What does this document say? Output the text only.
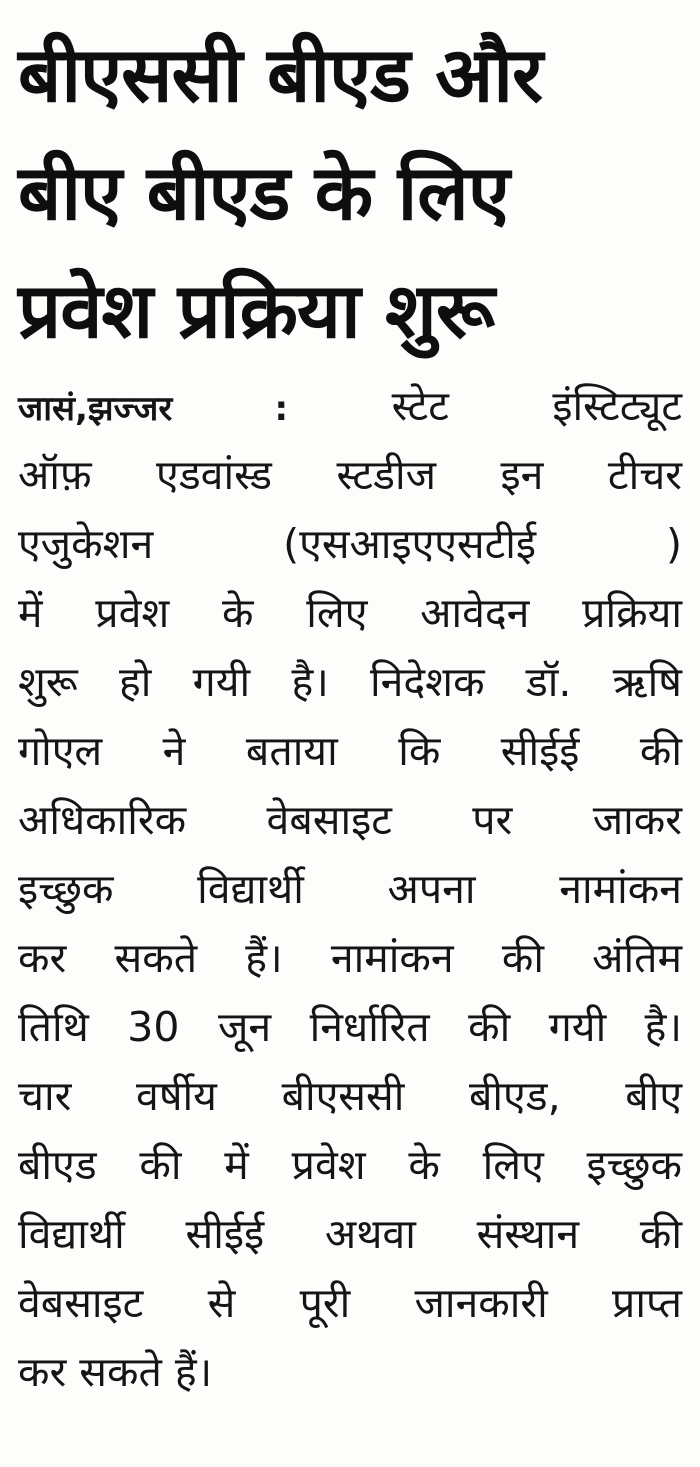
बीएससी बीएड और
बीए बीएड के लिए
प्रवेश प्रक्रिया शुरू
जासं,झज्जर :	स्टेट इंस्टिट्यूट
ऑफ़ एडवांस्ड स्टडीज इन टीचर
एजुकेशन (एसआइएएसटीई )
में प्रवेश के लिए आवेदन प्रक्रिया
शुरू हो गयी है। निदेशक डॉ. ऋषि
गोएल ने बताया कि सीईई की
अधिकारिक वेबसाइट पर जाकर
इच्छुक विद्यार्थी अपना नामांकन
कर सकते हैं। नामांकन की अंतिम
तिथि 30 जून निर्धारित की गयी है।
चार वर्षीय बीएससी बीएड, बीए
बीएड की में प्रवेश के लिए इच्छुक
विद्यार्थी सीईई अथवा संस्थान की
वेबसाइट से पूरी जानकारी प्राप्त
कर सकते हैं।
